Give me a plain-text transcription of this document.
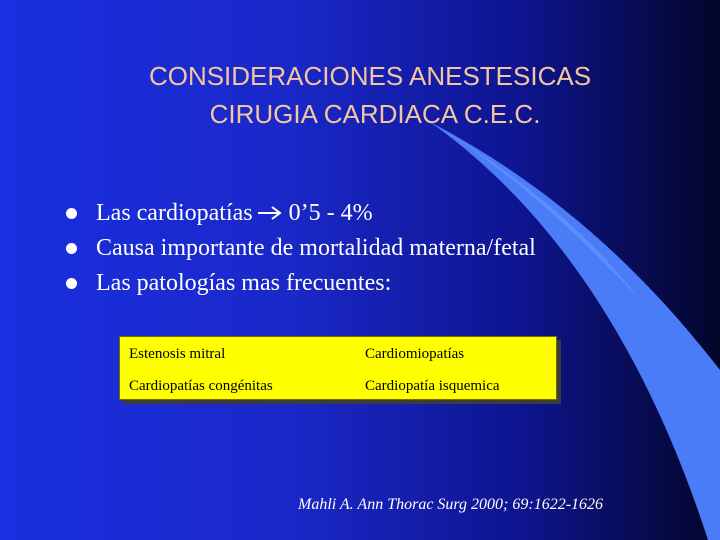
CONSIDERACIONES ANESTESICAS
CIRUGIA CARDIACA C.E.C.
Las cardiopatías 0’5 - 4%
Causa importante de mortalidad materna/fetal
Las patologías mas frecuentes:
Estenosis mitral	Cardiomiopatías
Cardiopatías congénitas	Cardiopatía isquemica
Mahli A. Ann Thorac Surg 2000; 69:1622-1626
